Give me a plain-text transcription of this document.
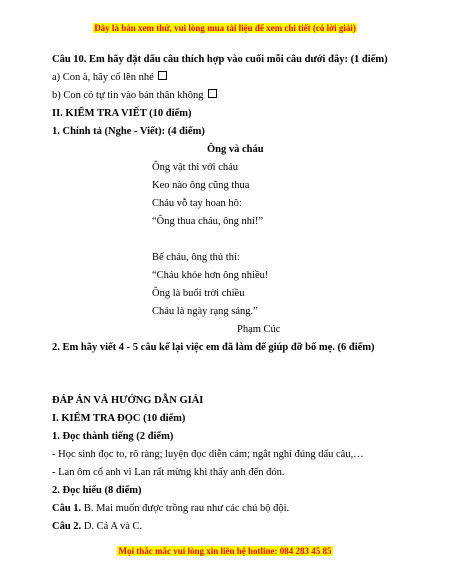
Đây là bản xem thử, vui lòng mua tài liệu để xem chi tiết (có lời giải)
Câu 10. Em hãy đặt dấu câu thích hợp vào cuối mỗi câu dưới đây: (1 điểm)
a) Con à, hãy cố lên nhé
b) Con có tự tin vào bản thân không
II. KIỂM TRA VIẾT (10 điểm)
1. Chính tả (Nghe - Viết): (4 điểm)
Ông và cháu
Ông vật thi với cháu
Keo nào ông cũng thua
Cháu vỗ tay hoan hô:
“Ông thua cháu, ông nhỉ!”
Bế cháu, ông thủ thỉ:
“Cháu khỏe hơn ông nhiều!
Ông là buổi trời chiều
Cháu là ngày rạng sáng.”
Phạm Cúc
2. Em hãy viết 4 - 5 câu kể lại việc em đã làm để giúp đỡ bố mẹ. (6 điểm)
ĐÁP ÁN VÀ HƯỚNG DẪN GIẢI
I. KIỂM TRA ĐỌC (10 điểm)
1. Đọc thành tiếng (2 điểm)
- Học sinh đọc to, rõ ràng; luyện đọc diễn cảm; ngắt nghỉ đúng dấu câu,…
- Lan ôm cổ anh vì Lan rất mừng khi thấy anh đến đón.
2. Đọc hiểu (8 điểm)
Câu 1. B. Mai muốn được trồng rau như các chú bộ đội.
Câu 2. D. Cả A và C.
Mọi thắc mắc vui lòng xin liên hệ hotline: 084 283 45 85
